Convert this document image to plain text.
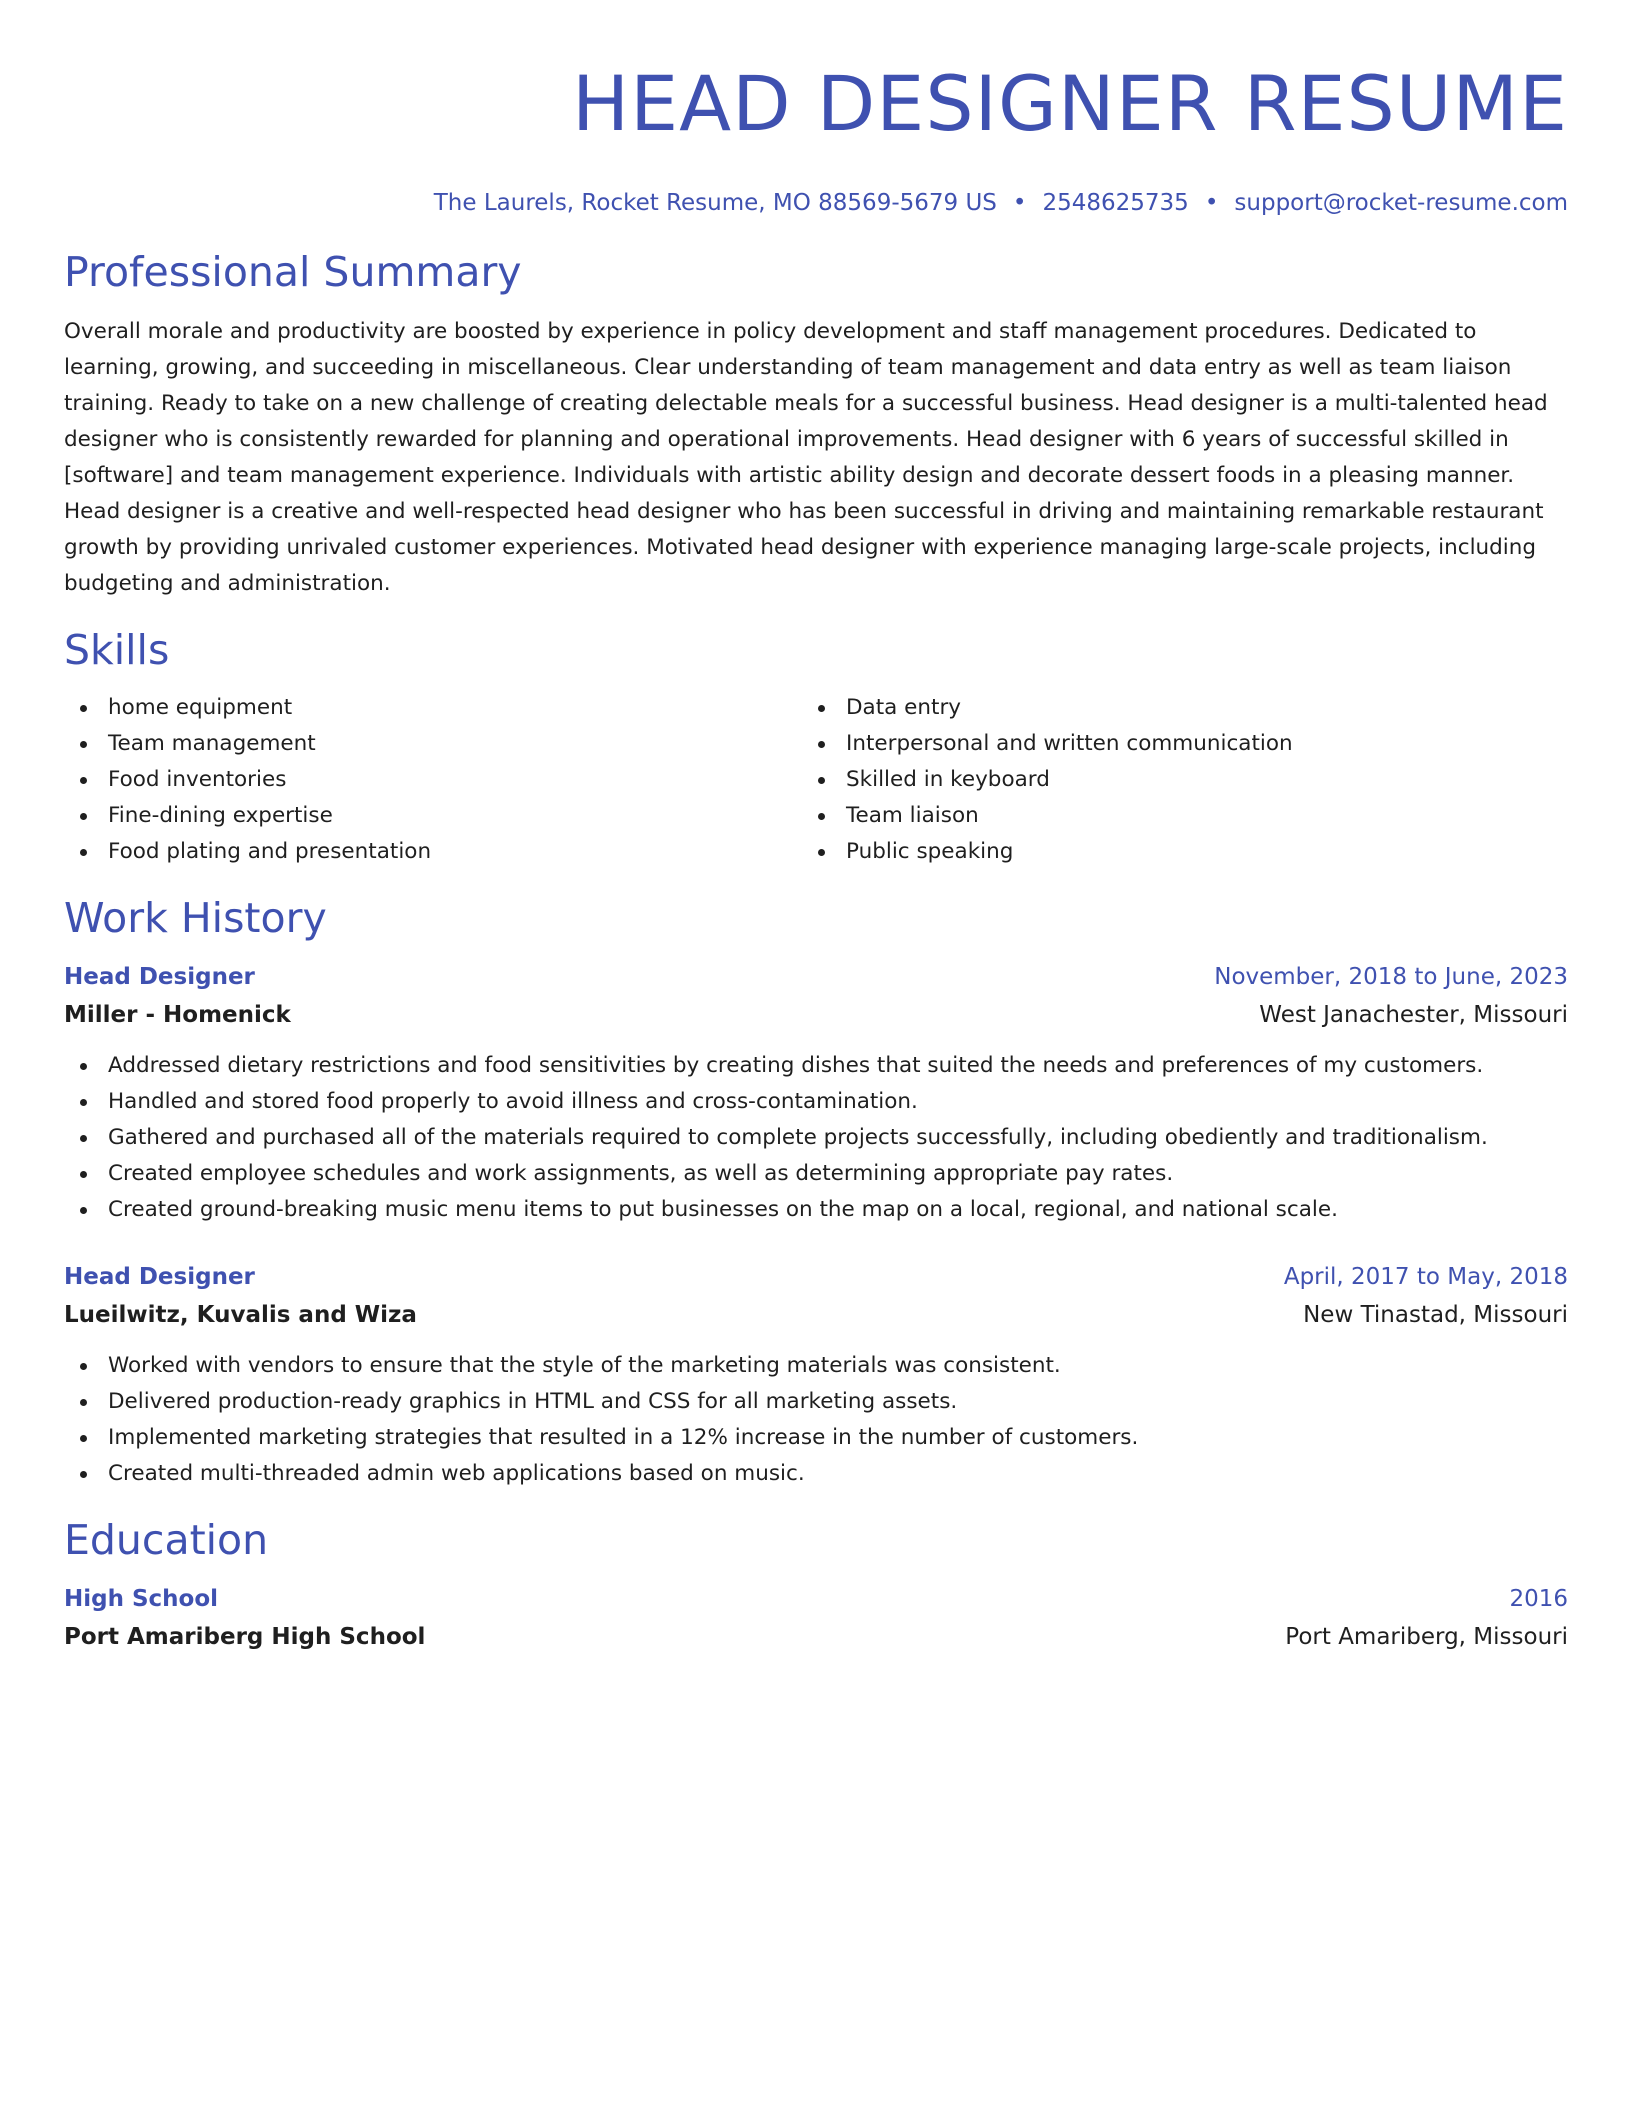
HEAD DESIGNER RESUME
The Laurels, Rocket Resume, MO 88569-5679 US • 2548625735 • support@rocket-resume.com
Professional Summary
Overall morale and productivity are boosted by experience in policy development and staff management procedures. Dedicated to learning, growing, and succeeding in miscellaneous. Clear understanding of team management and data entry as well as team liaison training. Ready to take on a new challenge of creating delectable meals for a successful business. Head designer is a multi-talented head designer who is consistently rewarded for planning and operational improvements. Head designer with 6 years of successful skilled in [software] and team management experience. Individuals with artistic ability design and decorate dessert foods in a pleasing manner. Head designer is a creative and well-respected head designer who has been successful in driving and maintaining remarkable restaurant growth by providing unrivaled customer experiences. Motivated head designer with experience managing large-scale projects, including budgeting and administration.
Skills
home equipment
Team management
Food inventories
Fine-dining expertise
Food plating and presentation
Data entry
Interpersonal and written communication
Skilled in keyboard
Team liaison
Public speaking
Work History
Head Designer	November, 2018 to June, 2023
Miller - Homenick	West Janachester, Missouri
Addressed dietary restrictions and food sensitivities by creating dishes that suited the needs and preferences of my customers.
Handled and stored food properly to avoid illness and cross-contamination.
Gathered and purchased all of the materials required to complete projects successfully, including obediently and traditionalism.
Created employee schedules and work assignments, as well as determining appropriate pay rates.
Created ground-breaking music menu items to put businesses on the map on a local, regional, and national scale.
Head Designer	April, 2017 to May, 2018
Lueilwitz, Kuvalis and Wiza	New Tinastad, Missouri
Worked with vendors to ensure that the style of the marketing materials was consistent.
Delivered production-ready graphics in HTML and CSS for all marketing assets.
Implemented marketing strategies that resulted in a 12% increase in the number of customers.
Created multi-threaded admin web applications based on music.
Education
High School	2016
Port Amariberg High School	Port Amariberg, Missouri
